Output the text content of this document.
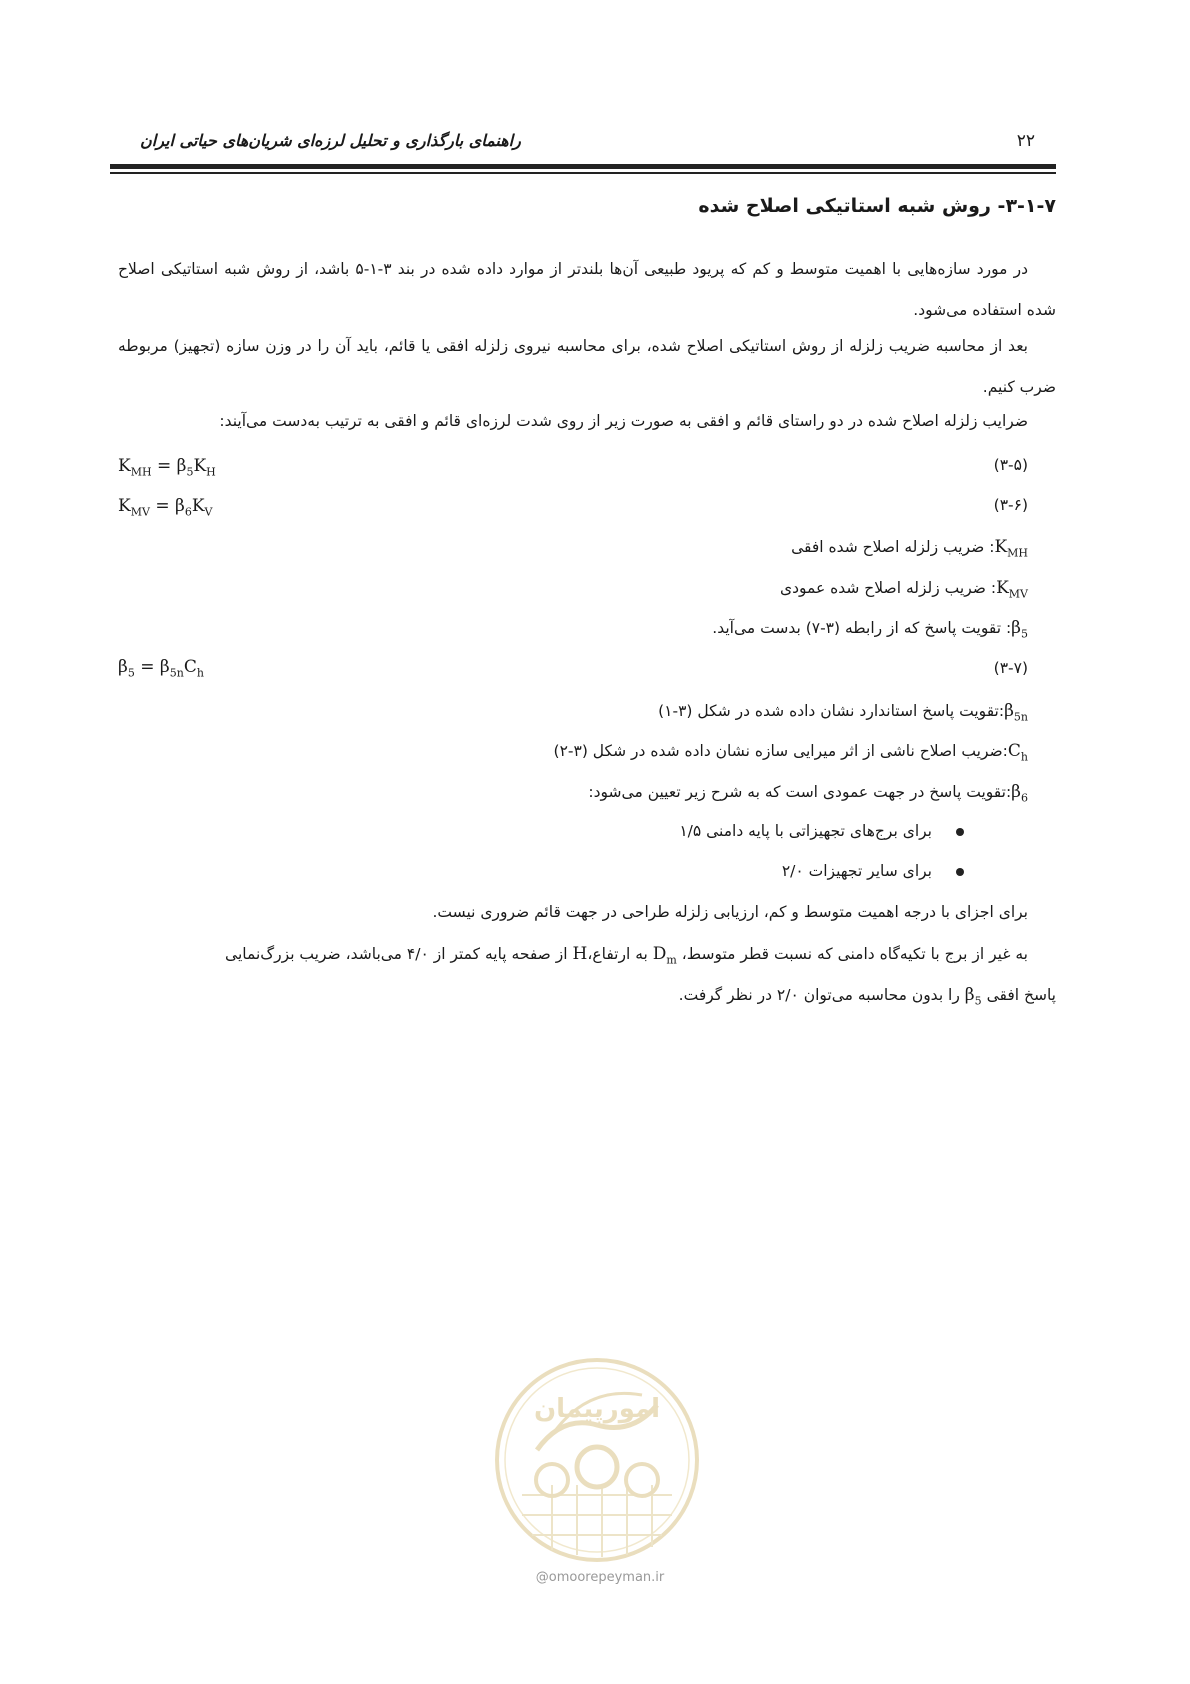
راهنمای بارگذاری و تحلیل لرزه‌ای شریان‌های حیاتی ایران	۲۲
۳-۱-۷- روش شبه استاتیکی اصلاح شده
در مورد سازه‌هایی با اهمیت متوسط و کم که پریود طبیعی آن‌ها بلندتر از موارد داده شده در بند ۳-۱-۵ باشد، از روش شبه استاتیکی اصلاح شده استفاده می‌شود.
بعد از محاسبه ضریب زلزله از روش استاتیکی اصلاح شده، برای محاسبه نیروی زلزله افقی یا قائم، باید آن را در وزن سازه (تجهیز) مربوطه ضرب کنیم.
ضرایب زلزله اصلاح شده در دو راستای قائم و افقی به صورت زیر از روی شدت لرزه‌ای قائم و افقی به ترتیب به‌دست می‌آیند:
(۳-۵)
$K_{MH} = \beta_5K_H$
(۳-۶)
$K_{MV} = \beta_6K_V$
$K_{MH}$: ضریب زلزله اصلاح شده افقی
$K_{MV}$: ضریب زلزله اصلاح شده عمودی
$\beta_5$: تقویت پاسخ که از رابطه (۳-۷) بدست می‌آید.
(۳-۷)
$\beta_5 = \beta_{5n}C_h$
$\beta_{5n}:تقویت$ پاسخ استاندارد نشان داده شده در شکل (۳-۱)
$C_h:ضریب$ اصلاح ناشی از اثر میرایی سازه نشان داده شده در شکل (۳-۲)
$\beta_6:تقویت$ پاسخ در جهت عمودی است که به شرح زیر تعیین می‌شود:
برای برج‌های تجهیزاتی با پایه دامنی ۱/۵
برای سایر تجهیزات ۲/۰
برای اجزای با درجه اهمیت متوسط و کم، ارزیابی زلزله طراحی در جهت قائم ضروری نیست.
به غیر از برج با تکیه‌گاه دامنی که نسبت قطر متوسط، $D_m$ به ارتفاع،H از صفحه پایه کمتر از ۴/۰ می‌باشد، ضریب بزرگ‌نمایی
پاسخ افقی $\beta_5$ را بدون محاسبه می‌توان ۲/۰ در نظر گرفت.
امورپیمان
@omoorepeyman.ir
